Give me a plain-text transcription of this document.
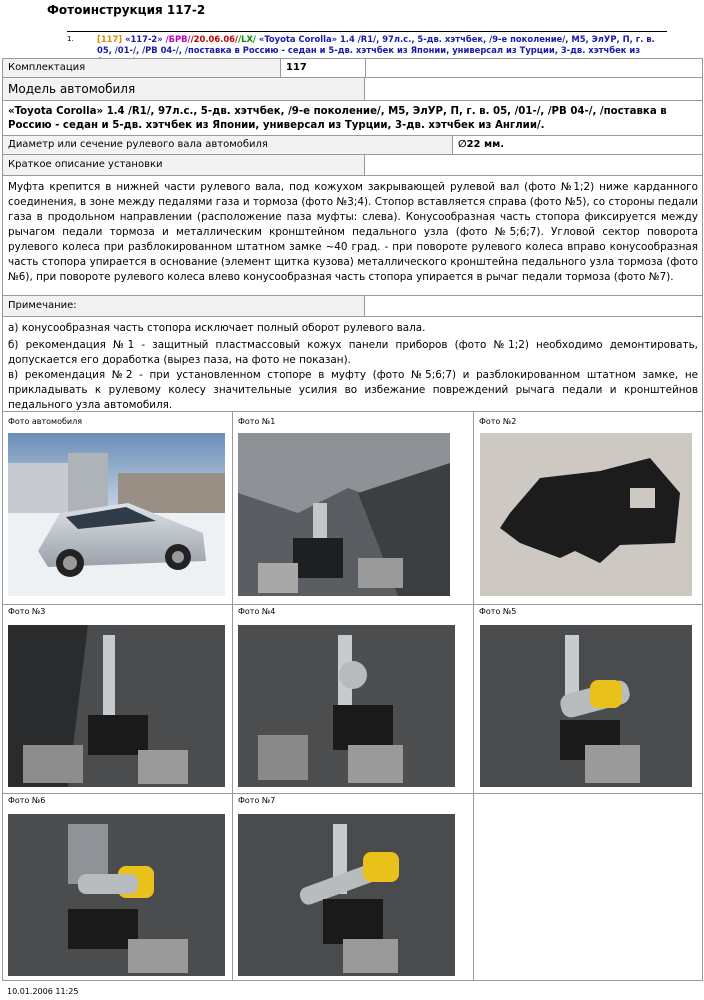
Фотоинструкция 117-2
1.	[117] «117-2» /БРВ//20.06.06//LX/ «Toyota Corolla» 1.4 /R1/, 97л.с., 5-дв. хэтчбек, /9-е поколение/, M5, ЭлУР, П, г. в. 05, /01-/, /PВ 04-/, /поставка в Россию - седан и 5-дв. хэтчбек из Японии, универсал из Турции, 3-дв. хэтчбек из
Комплектация	117
Модель автомобиля
«Toyota Corolla» 1.4 /R1/, 97л.с., 5-дв. хэтчбек, /9-е поколение/, M5, ЭлУР, П, г. в. 05, /01-/, /PВ 04-/, /поставка в Россию - седан и 5-дв. хэтчбек из Японии, универсал из Турции, 3-дв. хэтчбек из Англии/.
Диаметр или сечение рулевого вала автомобиля	∅22 мм.
Краткое описание установки
Муфта крепится в нижней части рулевого вала, под кожухом закрывающей рулевой вал (фото №1;2) ниже карданного соединения, в зоне между педалями газа и тормоза (фото №3;4). Стопор вставляется справа (фото №5), со стороны педали газа в продольном направлении (расположение паза муфты: слева). Конусообразная часть стопора фиксируется между рычагом педали тормоза и металлическим кронштейном педального узла (фото №5;6;7). Угловой сектор поворота рулевого колеса при разблокированном штатном замке ~40 град. - при повороте рулевого колеса вправо конусообразная часть стопора упирается в основание (элемент щитка кузова) металлического кронштейна педального узла тормоза (фото №6), при повороте рулевого колеса влево конусообразная часть стопора упирается в рычаг педали тормоза (фото №7).
Примечание:
а) конусообразная часть стопора исключает полный оборот рулевого вала.
б) рекомендация №1 - защитный пластмассовый кожух панели приборов (фото №1;2) необходимо демонтировать, допускается его доработка (вырез паза, на фото не показан).
в) рекомендация №2 - при установленном стопоре в муфту (фото №5;6;7) и разблокированном штатном замке, не прикладывать к рулевому колесу значительные усилия во избежание повреждений рычага педали и кронштейнов педального узла автомобиля.
Фото автомобиля	Фото №1	Фото №2
Фото №3	Фото №4	Фото №5
Фото №6	Фото №7
10.01.2006 11:25
